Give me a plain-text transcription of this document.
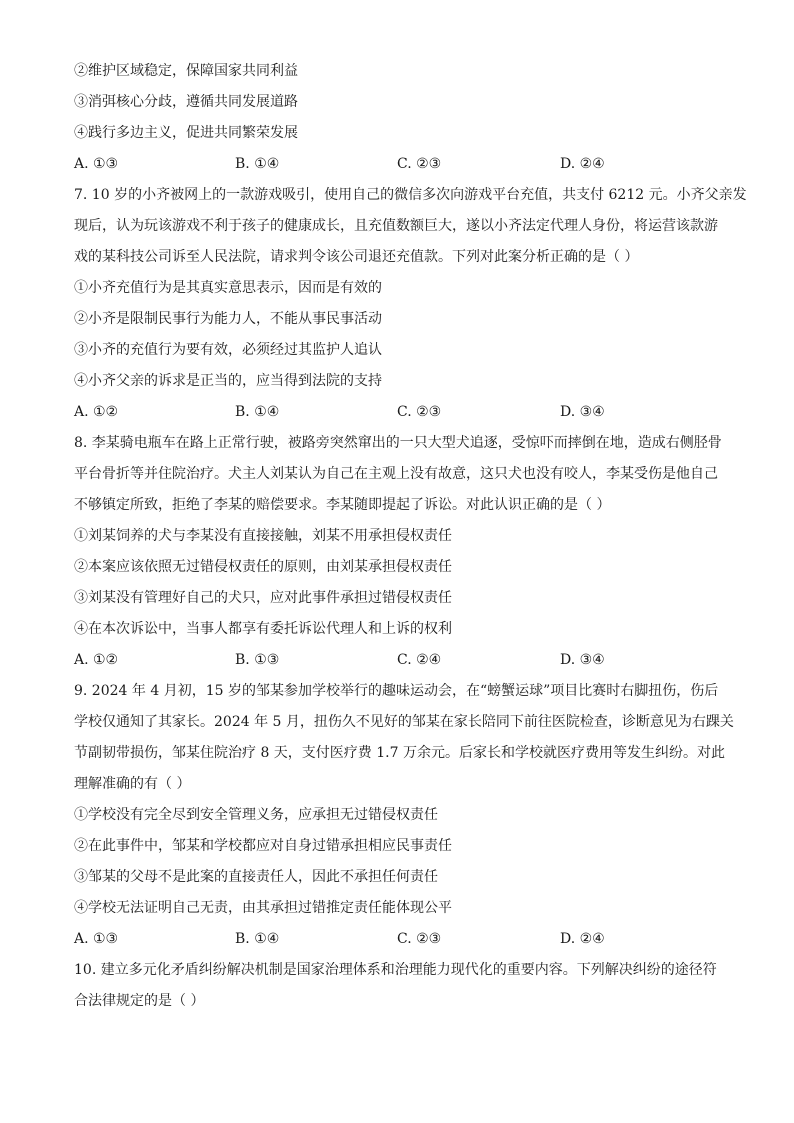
②维护区域稳定，保障国家共同利益
③消弭核心分歧，遵循共同发展道路
④践行多边主义，促进共同繁荣发展
A. ①③	B. ①④	C. ②③	D. ②④
7. 10 岁的小齐被网上的一款游戏吸引，使用自己的微信多次向游戏平台充值，共支付 6212 元。小齐父亲发
现后，认为玩该游戏不利于孩子的健康成长，且充值数额巨大，遂以小齐法定代理人身份，将运营该款游
戏的某科技公司诉至人民法院，请求判令该公司退还充值款。下列对此案分析正确的是（ ）
①小齐充值行为是其真实意思表示，因而是有效的
②小齐是限制民事行为能力人，不能从事民事活动
③小齐的充值行为要有效，必须经过其监护人追认
④小齐父亲的诉求是正当的，应当得到法院的支持
A. ①②	B. ①④	C. ②③	D. ③④
8. 李某骑电瓶车在路上正常行驶，被路旁突然窜出的一只大型犬追逐，受惊吓而摔倒在地，造成右侧胫骨
平台骨折等并住院治疗。犬主人刘某认为自己在主观上没有故意，这只犬也没有咬人，李某受伤是他自己
不够镇定所致，拒绝了李某的赔偿要求。李某随即提起了诉讼。对此认识正确的是（ ）
①刘某饲养的犬与李某没有直接接触，刘某不用承担侵权责任
②本案应该依照无过错侵权责任的原则，由刘某承担侵权责任
③刘某没有管理好自己的犬只，应对此事件承担过错侵权责任
④在本次诉讼中，当事人都享有委托诉讼代理人和上诉的权利
A. ①②	B. ①③	C. ②④	D. ③④
9. 2024 年 4 月初，15 岁的邹某参加学校举行的趣味运动会，在“螃蟹运球”项目比赛时右脚扭伤，伤后
学校仅通知了其家长。2024 年 5 月，扭伤久不见好的邹某在家长陪同下前往医院检查，诊断意见为右踝关
节副韧带损伤，邹某住院治疗 8 天，支付医疗费 1.7 万余元。后家长和学校就医疗费用等发生纠纷。对此
理解准确的有（ ）
①学校没有完全尽到安全管理义务，应承担无过错侵权责任
②在此事件中，邹某和学校都应对自身过错承担相应民事责任
③邹某的父母不是此案的直接责任人，因此不承担任何责任
④学校无法证明自己无责，由其承担过错推定责任能体现公平
A. ①③	B. ①④	C. ②③	D. ②④
10. 建立多元化矛盾纠纷解决机制是国家治理体系和治理能力现代化的重要内容。下列解决纠纷的途径符
合法律规定的是（ ）
